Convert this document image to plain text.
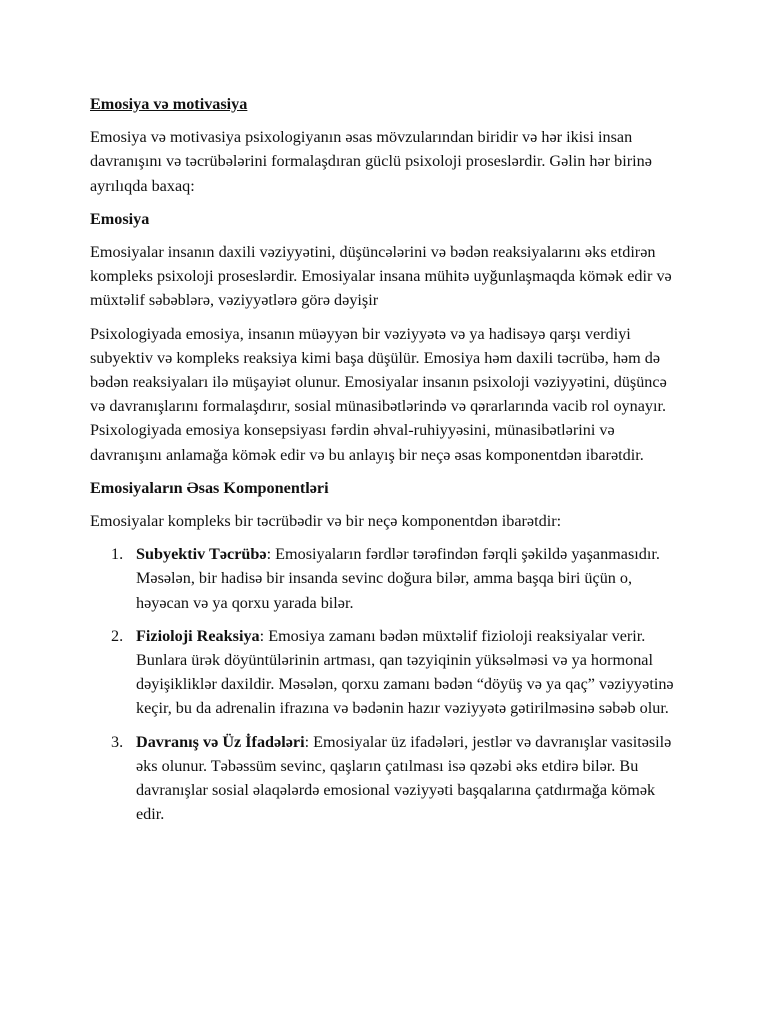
Emosiya və motivasiya

Emosiya və motivasiya psixologiyanın əsas mövzularından biridir və hər ikisi insan davranışını və təcrübələrini formalaşdıran güclü psixoloji proseslərdir. Gəlin hər birinə ayrılıqda baxaq:

Emosiya

Emosiyalar insanın daxili vəziyyətini, düşüncələrini və bədən reaksiyalarını əks etdirən kompleks psixoloji proseslərdir. Emosiyalar insana mühitə uyğunlaşmaqda kömək edir və müxtəlif səbəblərə, vəziyyətlərə görə dəyişir

Psixologiyada emosiya, insanın müəyyən bir vəziyyətə və ya hadisəyə qarşı verdiyi subyektiv və kompleks reaksiya kimi başa düşülür. Emosiya həm daxili təcrübə, həm də bədən reaksiyaları ilə müşayiət olunur. Emosiyalar insanın psixoloji vəziyyətini, düşüncə və davranışlarını formalaşdırır, sosial münasibətlərində və qərarlarında vacib rol oynayır. Psixologiyada emosiya konsepsiyası fərdin əhval-ruhiyyəsini, münasibətlərini və davranışını anlamağa kömək edir və bu anlayış bir neçə əsas komponentdən ibarətdir.

Emosiyaların Əsas Komponentləri

Emosiyalar kompleks bir təcrübədir və bir neçə komponentdən ibarətdir:

1. Subyektiv Təcrübə: Emosiyaların fərdlər tərəfindən fərqli şəkildə yaşanmasıdır. Məsələn, bir hadisə bir insanda sevinc doğura bilər, amma başqa biri üçün o, həyəcan və ya qorxu yarada bilər.
2. Fizioloji Reaksiya: Emosiya zamanı bədən müxtəlif fizioloji reaksiyalar verir. Bunlara ürək döyüntülərinin artması, qan təzyiqinin yüksəlməsi və ya hormonal dəyişikliklər daxildir. Məsələn, qorxu zamanı bədən “döyüş və ya qaç” vəziyyətinə keçir, bu da adrenalin ifrazına və bədənin hazır vəziyyətə gətirilməsinə səbəb olur.
3. Davranış və Üz İfadələri: Emosiyalar üz ifadələri, jestlər və davranışlar vasitəsilə əks olunur. Təbəssüm sevinc, qaşların çatılması isə qəzəbi əks etdirə bilər. Bu davranışlar sosial əlaqələrdə emosional vəziyyəti başqalarına çatdırmağa kömək edir.
